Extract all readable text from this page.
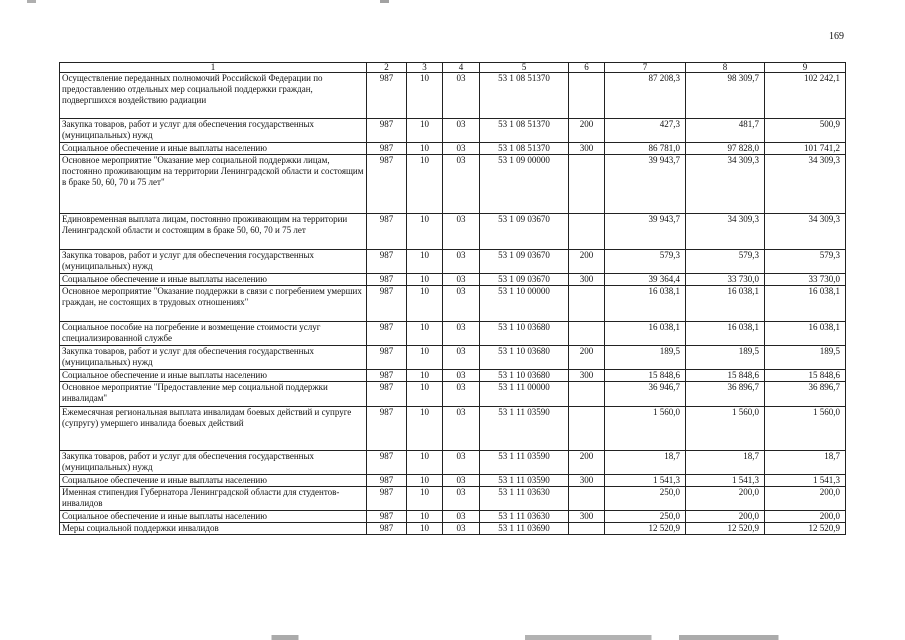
169
1	2	3	4	5	6	7	8	9
Осуществление переданных полномочий Российской Федерации по предоставлению отдельных мер социальной поддержки граждан, подвергшихся воздействию радиации	987	10	03	53 1 08 51370		87 208,3	98 309,7	102 242,1
Закупка товаров, работ и услуг для обеспечения государственных (муниципальных) нужд	987	10	03	53 1 08 51370	200	427,3	481,7	500,9
Социальное обеспечение и иные выплаты населению	987	10	03	53 1 08 51370	300	86 781,0	97 828,0	101 741,2
Основное мероприятие "Оказание мер социальной поддержки лицам, постоянно проживающим на территории Ленинградской области и состоящим в браке 50, 60, 70 и 75 лет"	987	10	03	53 1 09 00000		39 943,7	34 309,3	34 309,3
Единовременная выплата лицам, постоянно проживающим на территории Ленинградской области и состоящим в браке 50, 60, 70 и 75 лет	987	10	03	53 1 09 03670		39 943,7	34 309,3	34 309,3
Закупка товаров, работ и услуг для обеспечения государственных (муниципальных) нужд	987	10	03	53 1 09 03670	200	579,3	579,3	579,3
Социальное обеспечение и иные выплаты населению	987	10	03	53 1 09 03670	300	39 364,4	33 730,0	33 730,0
Основное мероприятие "Оказание поддержки в связи с погребением умерших граждан, не состоящих в трудовых отношениях"	987	10	03	53 1 10 00000		16 038,1	16 038,1	16 038,1
Социальное пособие на погребение и возмещение стоимости услуг специализированной службе	987	10	03	53 1 10 03680		16 038,1	16 038,1	16 038,1
Закупка товаров, работ и услуг для обеспечения государственных (муниципальных) нужд	987	10	03	53 1 10 03680	200	189,5	189,5	189,5
Социальное обеспечение и иные выплаты населению	987	10	03	53 1 10 03680	300	15 848,6	15 848,6	15 848,6
Основное мероприятие "Предоставление мер социальной поддержки инвалидам"	987	10	03	53 1 11 00000		36 946,7	36 896,7	36 896,7
Ежемесячная региональная выплата инвалидам боевых действий и супруге (супругу) умершего инвалида боевых действий	987	10	03	53 1 11 03590		1 560,0	1 560,0	1 560,0
Закупка товаров, работ и услуг для обеспечения государственных (муниципальных) нужд	987	10	03	53 1 11 03590	200	18,7	18,7	18,7
Социальное обеспечение и иные выплаты населению	987	10	03	53 1 11 03590	300	1 541,3	1 541,3	1 541,3
Именная стипендия Губернатора Ленинградской области для студентов-инвалидов	987	10	03	53 1 11 03630		250,0	200,0	200,0
Социальное обеспечение и иные выплаты населению	987	10	03	53 1 11 03630	300	250,0	200,0	200,0
Меры социальной поддержки инвалидов	987	10	03	53 1 11 03690		12 520,9	12 520,9	12 520,9
